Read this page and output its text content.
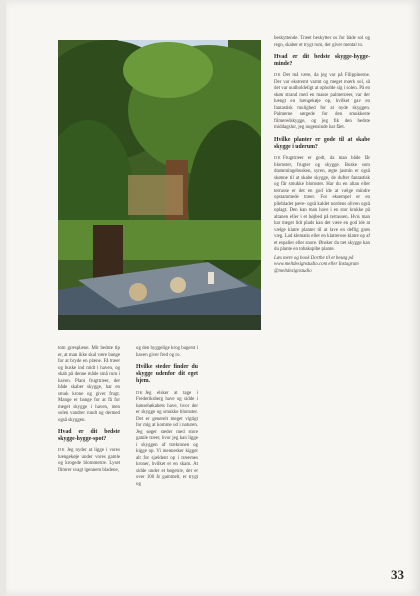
tom græsplæne. Mit bedste tip er, at man ikke skal være bange for at bryde en plæne. Få træer og buske ind midt i haven, og skab på denne måde små rum i haven. Plant frugttræer, der både skaber skygge, har en smuk krone og giver frugt. Mange er bange for at få for meget skygge i haven, men solen vandrer rundt og dermed også skyggen.

Hvad er dit bedste skygge-hygge-spot?

DK Jeg nyder at ligge i vores hængekøje under vores gamle og krogede blommetræ. Lyset flimrer svagt igennem bladene,

og den hyggelige krog bagerst i haven giver fred og ro.

Hvilke steder finder du skygge udenfor dit eget hjem.

DK Jeg elsker at tage i Frederiksberg have og sidde i hønsehøkabets have, hvor der er skygge og smukke blomster. Det er generelt meget vigtigt for mig at komme ud i naturen. Jeg søger steder med store gamle træer, hvor jeg kan ligge i skyggen af trækronen og kigge op. Vi mennesker kigger alt for sjældent op i træernes kroner, hvilket er en skam. At sidde under et bøgetræ, der er over 100 år gammelt, er trygt og

beskyttende. Træet beskytter os for både sol og regn, skaber et trygt rum, der giver mental ro.

Hvad er dit bedste skygge-hygge-minde?

DK Det må være, da jeg var på Filippinerne. Der var ekstremt varmt og meget mærk sol, så det var uudholdeligt at opholde sig i solen. På en skøn strand med en masse palmetræer, var der hængt en hængekøje op, hvilket gav en fantastisk mulighed for at nyde skyggen. Palmerne sørgede for den smukkeste filmeredskygge, og jeg fik den bedste middagslur, jeg nogensinde har fået.

Hvilke planter er gode til at skabe skygge i uderum?

DK Frugttræer er godt, da man både får blomster, frugter og skygge. Buske som drømmingebusken, syren, ægte jasmin er også skønne til at skabe skygge, de dufter fantastisk og får smukke blomster. Har du en altan eller terrasse er det en god ide at vælge mindre opstammede træer. For eksempel er en pilebladet pære- også kaldet nordens oliven også oplagt. Den kan man have i en stor krukke på altanen eller i et højbed på terrassen. Hvis man har meget lidt plads kan det være en god ide at vælge klatre planter til at lave en deflig grøn væg. Lad klematis eller en klatrerose klatre op af et espalier eller snore. Ønsker du tæt skygge kan du plante en tobakspibe plante.

Læs mere og book Dorthe til et besøg på www.meltdesignstudio.com eller Instagram @meltdesignstudio

33
